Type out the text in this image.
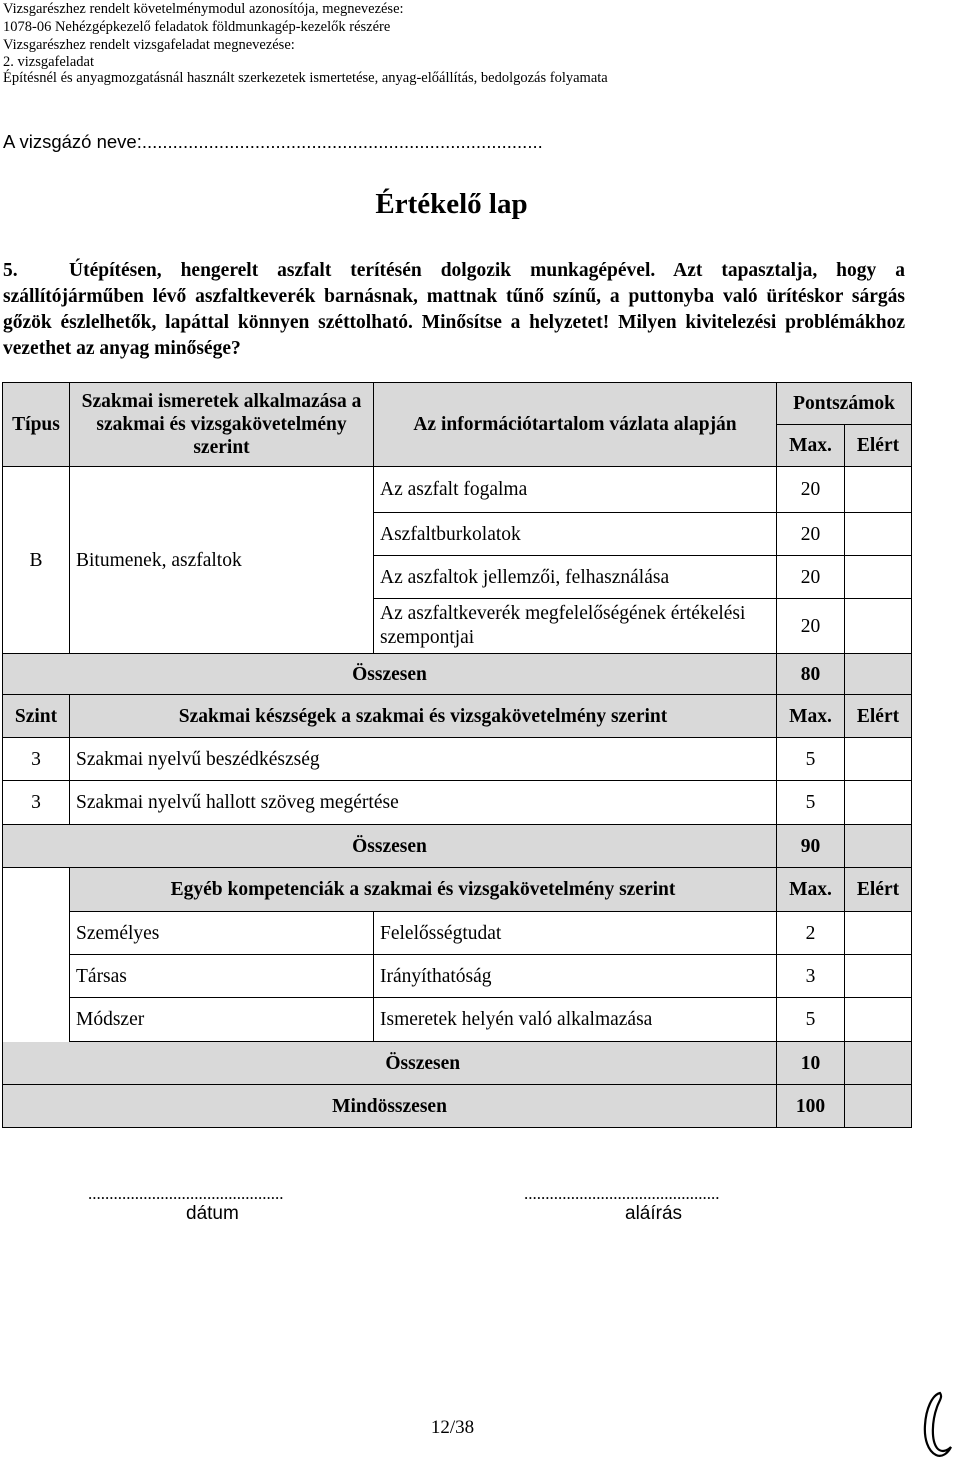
Vizsgarészhez rendelt követelménymodul azonosítója, megnevezése:
1078-06 Nehézgépkezelő feladatok földmunkagép-kezelők részére
Vizsgarészhez rendelt vizsgafeladat megnevezése:
2. vizsgafeladat
Építésnél és anyagmozgatásnál használt szerkezetek ismertetése, anyag-előállítás, bedolgozás folyamata
A vizsgázó neve:..............................................................................
Értékelő lap
5.	Útépítésen, hengerelt aszfalt terítésén dolgozik munkagépével. Azt tapasztalja, hogy a szállítójárműben lévő aszfaltkeverék barnásnak, mattnak tűnő színű, a puttonyba való ürítéskor sárgás gőzök észlelhetők, lapáttal könnyen széttolható. Minősítse a helyzetet! Milyen kivitelezési problémákhoz vezethet az anyag minősége?
Típus	Szakmai ismeretek alkalmazása a szakmai és vizsgakövetelmény szerint	Az információtartalom vázlata alapján	Pontszámok	
			Max.	Elért
B	Bitumenek, aszfaltok	Az aszfalt fogalma	20	
		Aszfaltburkolatok	20	
		Az aszfaltok jellemzői, felhasználása	20	
		Az aszfaltkeverék megfelelőségének értékelési szempontjai	20	
Összesen			80	
Szint	Szakmai készségek a szakmai és vizsgakövetelmény szerint		Max.	Elért
3	Szakmai nyelvű beszédkészség		5	
3	Szakmai nyelvű hallott szöveg megértése		5	
Összesen			90	
	Egyéb kompetenciák a szakmai és vizsgakövetelmény szerint		Max.	Elért
	Személyes	Felelősségtudat	2	
	Társas	Irányíthatóság	3	
	Módszer	Ismeretek helyén való alkalmazása	5	
	Összesen		10	
Mindösszesen			100	
..............................................
dátum
..............................................
aláírás
12/38
